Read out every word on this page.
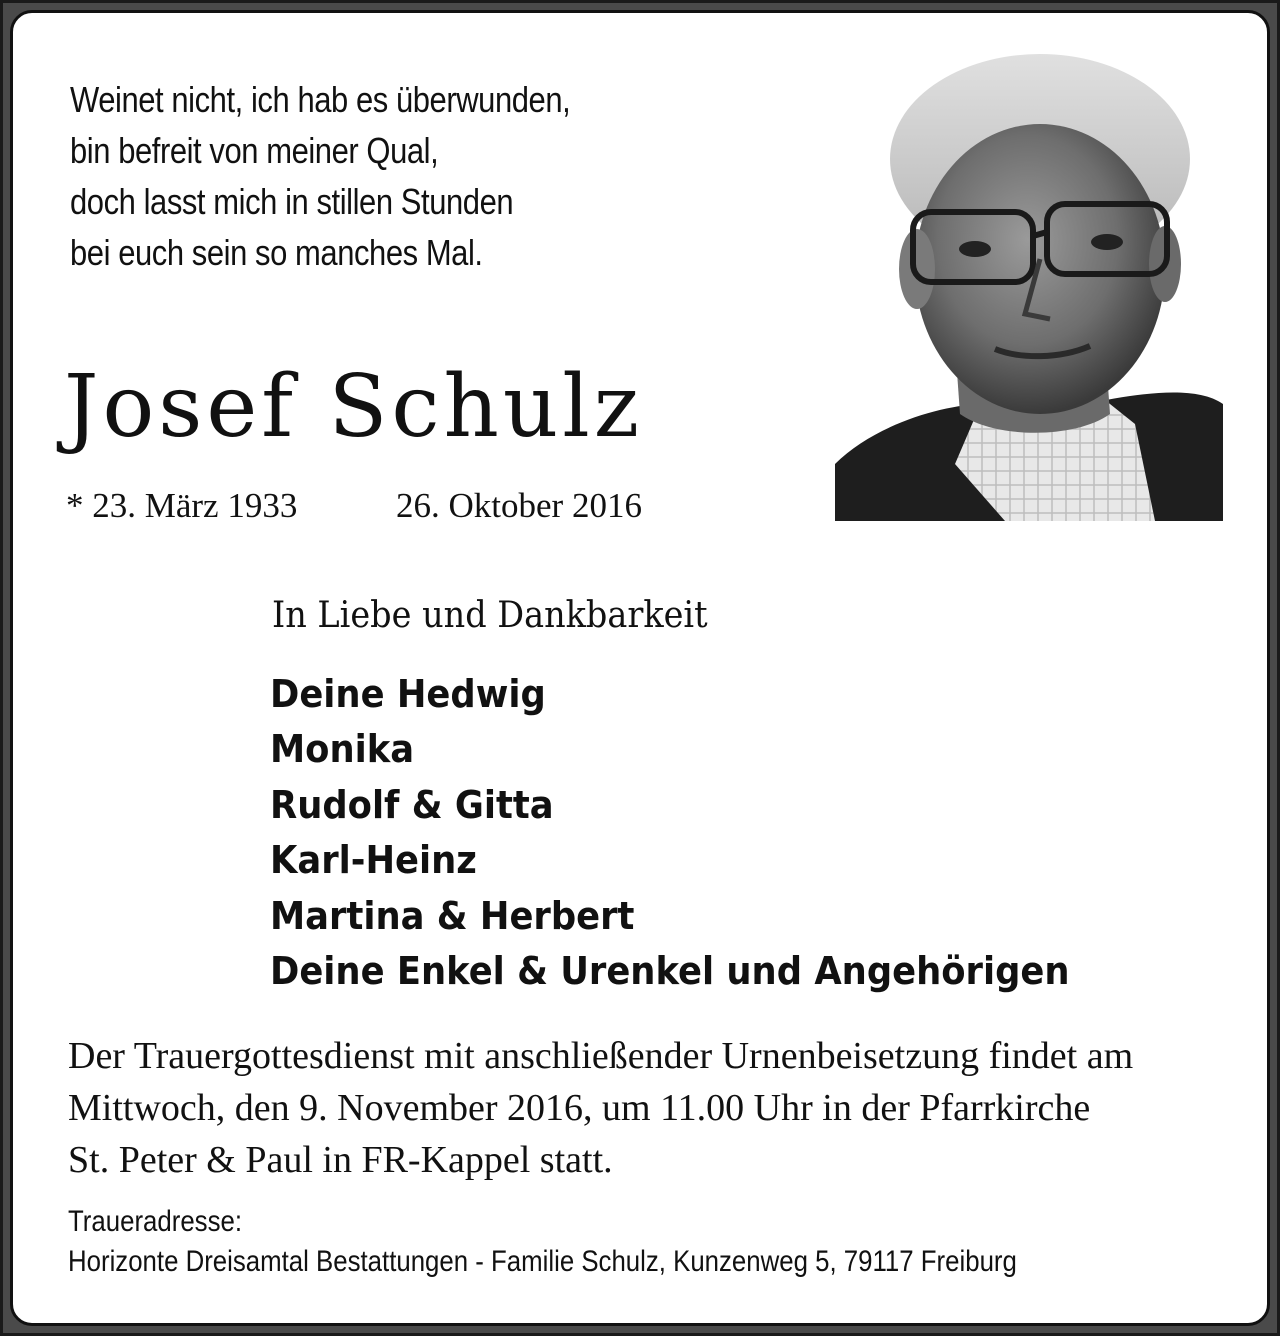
Weinet nicht, ich hab es überwunden,
bin befreit von meiner Qual,
doch lasst mich in stillen Stunden
bei euch sein so manches Mal.
Josef Schulz
* 23. März 1933	26. Oktober 2016
In Liebe und Dankbarkeit
Deine Hedwig
Monika
Rudolf & Gitta
Karl-Heinz
Martina & Herbert
Deine Enkel & Urenkel und Angehörigen
Der Trauergottesdienst mit anschließender Urnenbeisetzung findet am
Mittwoch, den 9. November 2016, um 11.00 Uhr in der Pfarrkirche
St. Peter & Paul in FR-Kappel statt.
Traueradresse:
Horizonte Dreisamtal Bestattungen - Familie Schulz, Kunzenweg 5, 79117 Freiburg
